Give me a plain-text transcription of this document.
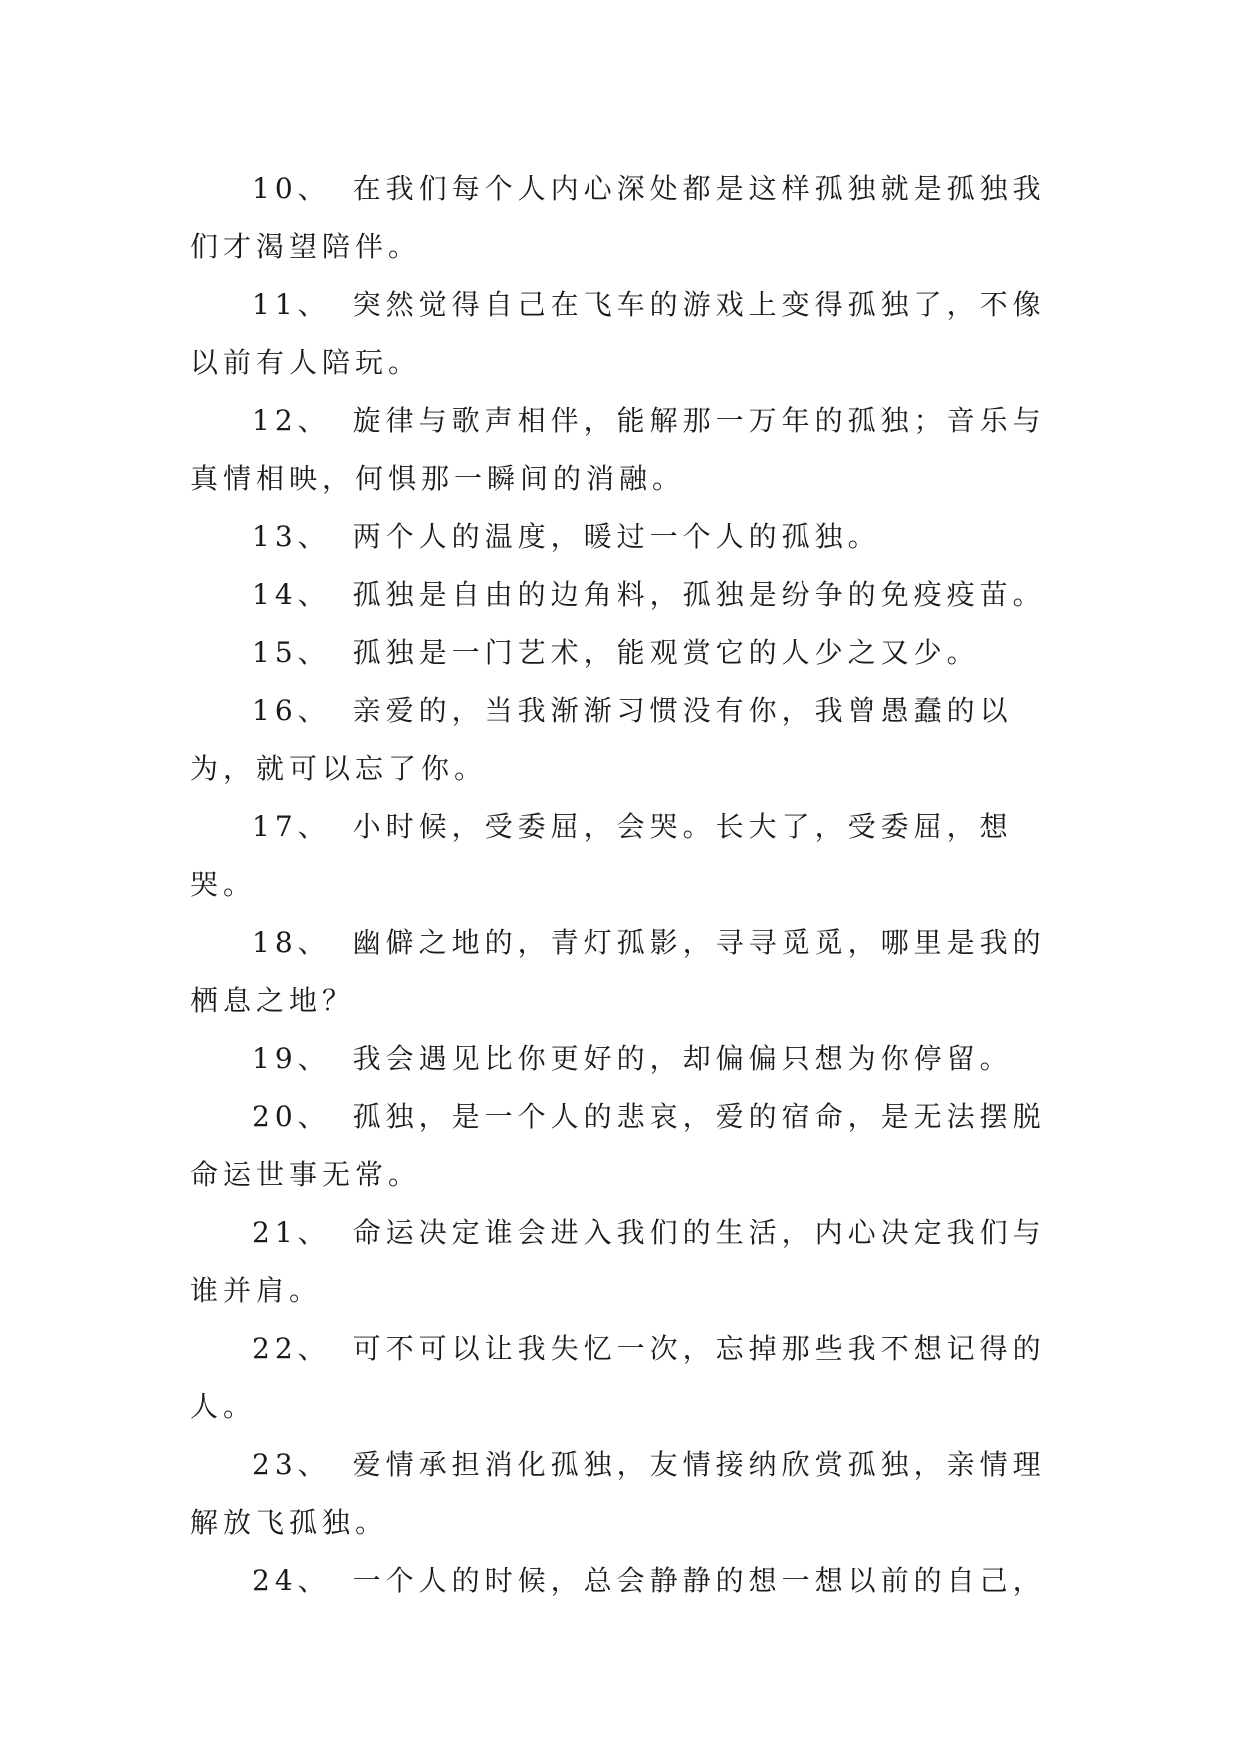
10、 在我们每个人内心深处都是这样孤独就是孤独我们才渴望陪伴。

11、 突然觉得自己在飞车的游戏上变得孤独了，不像以前有人陪玩。

12、 旋律与歌声相伴，能解那一万年的孤独；音乐与真情相映，何惧那一瞬间的消融。

13、 两个人的温度，暖过一个人的孤独。

14、 孤独是自由的边角料，孤独是纷争的免疫疫苗。

15、 孤独是一门艺术，能观赏它的人少之又少。

16、 亲爱的，当我渐渐习惯没有你，我曾愚蠢的以为，就可以忘了你。

17、 小时候，受委屈，会哭。长大了，受委屈，想哭。

18、 幽僻之地的，青灯孤影，寻寻觅觅，哪里是我的栖息之地？

19、 我会遇见比你更好的，却偏偏只想为你停留。

20、 孤独，是一个人的悲哀，爱的宿命，是无法摆脱命运世事无常。

21、 命运决定谁会进入我们的生活，内心决定我们与谁并肩。

22、 可不可以让我失忆一次，忘掉那些我不想记得的人。

23、 爱情承担消化孤独，友情接纳欣赏孤独，亲情理解放飞孤独。

24、 一个人的时候，总会静静的想一想以前的自己，
